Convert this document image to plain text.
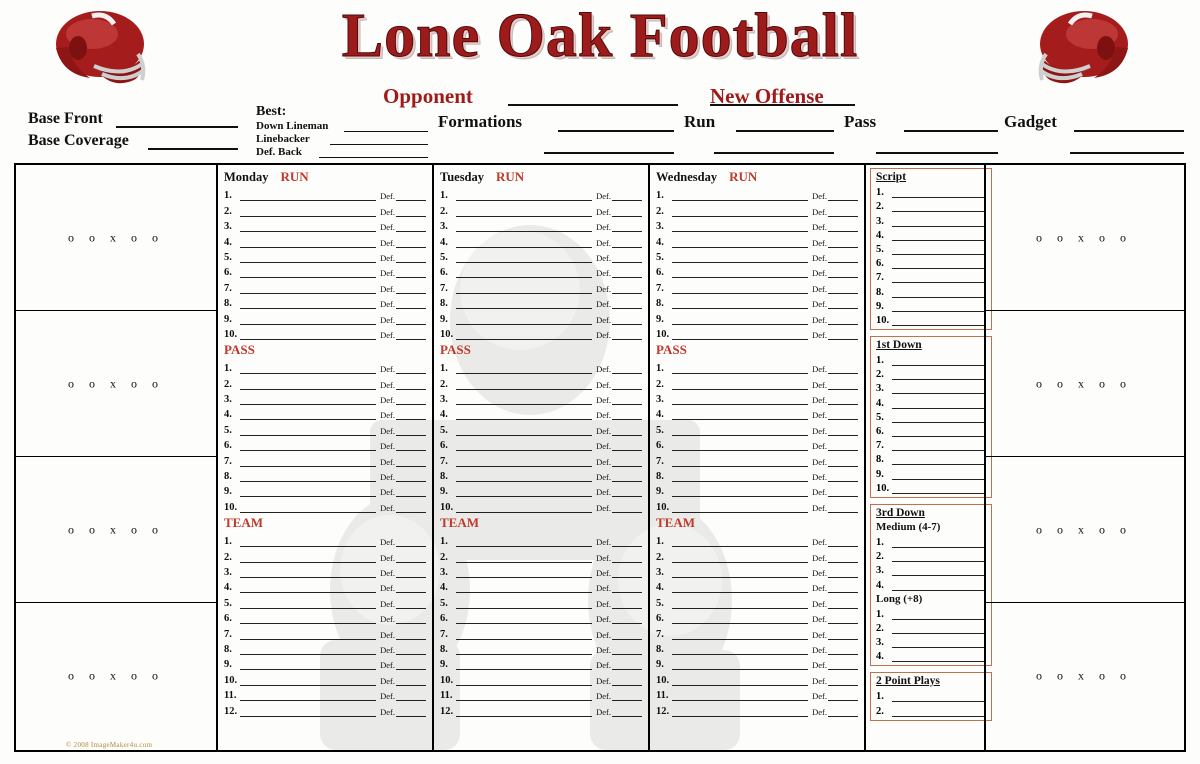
Lone Oak Football
Opponent	New Offense
Base Front
Base Coverage
Best:
Down Lineman
Linebacker
Def. Back
Formations	Run	Pass	Gadget
o o x o o
o o x o o
o o x o o
o o x o o
Monday RUN
1.	Def.
2.	Def.
3.	Def.
4.	Def.
5.	Def.
6.	Def.
7.	Def.
8.	Def.
9.	Def.
10.	Def.
PASS
1.	Def.
2.	Def.
3.	Def.
4.	Def.
5.	Def.
6.	Def.
7.	Def.
8.	Def.
9.	Def.
10.	Def.
TEAM
1.	Def.
2.	Def.
3.	Def.
4.	Def.
5.	Def.
6.	Def.
7.	Def.
8.	Def.
9.	Def.
10.	Def.
11.	Def.
12.	Def.
Tuesday RUN
1.	Def.
2.	Def.
3.	Def.
4.	Def.
5.	Def.
6.	Def.
7.	Def.
8.	Def.
9.	Def.
10.	Def.
PASS
1.	Def.
2.	Def.
3.	Def.
4.	Def.
5.	Def.
6.	Def.
7.	Def.
8.	Def.
9.	Def.
10.	Def.
TEAM
1.	Def.
2.	Def.
3.	Def.
4.	Def.
5.	Def.
6.	Def.
7.	Def.
8.	Def.
9.	Def.
10.	Def.
11.	Def.
12.	Def.
Wednesday RUN
1.	Def.
2.	Def.
3.	Def.
4.	Def.
5.	Def.
6.	Def.
7.	Def.
8.	Def.
9.	Def.
10.	Def.
PASS
1.	Def.
2.	Def.
3.	Def.
4.	Def.
5.	Def.
6.	Def.
7.	Def.
8.	Def.
9.	Def.
10.	Def.
TEAM
1.	Def.
2.	Def.
3.	Def.
4.	Def.
5.	Def.
6.	Def.
7.	Def.
8.	Def.
9.	Def.
10.	Def.
11.	Def.
12.	Def.
Script
1.
2.
3.
4.
5.
6.
7.
8.
9.
10.
1st Down
1.
2.
3.
4.
5.
6.
7.
8.
9.
10.
3rd Down
Medium (4-7)
1.
2.
3.
4.
Long (+8)
1.
2.
3.
4.
2 Point Plays
1.
2.
o o x o o
o o x o o
o o x o o
o o x o o
© 2008 ImageMaker4u.com
